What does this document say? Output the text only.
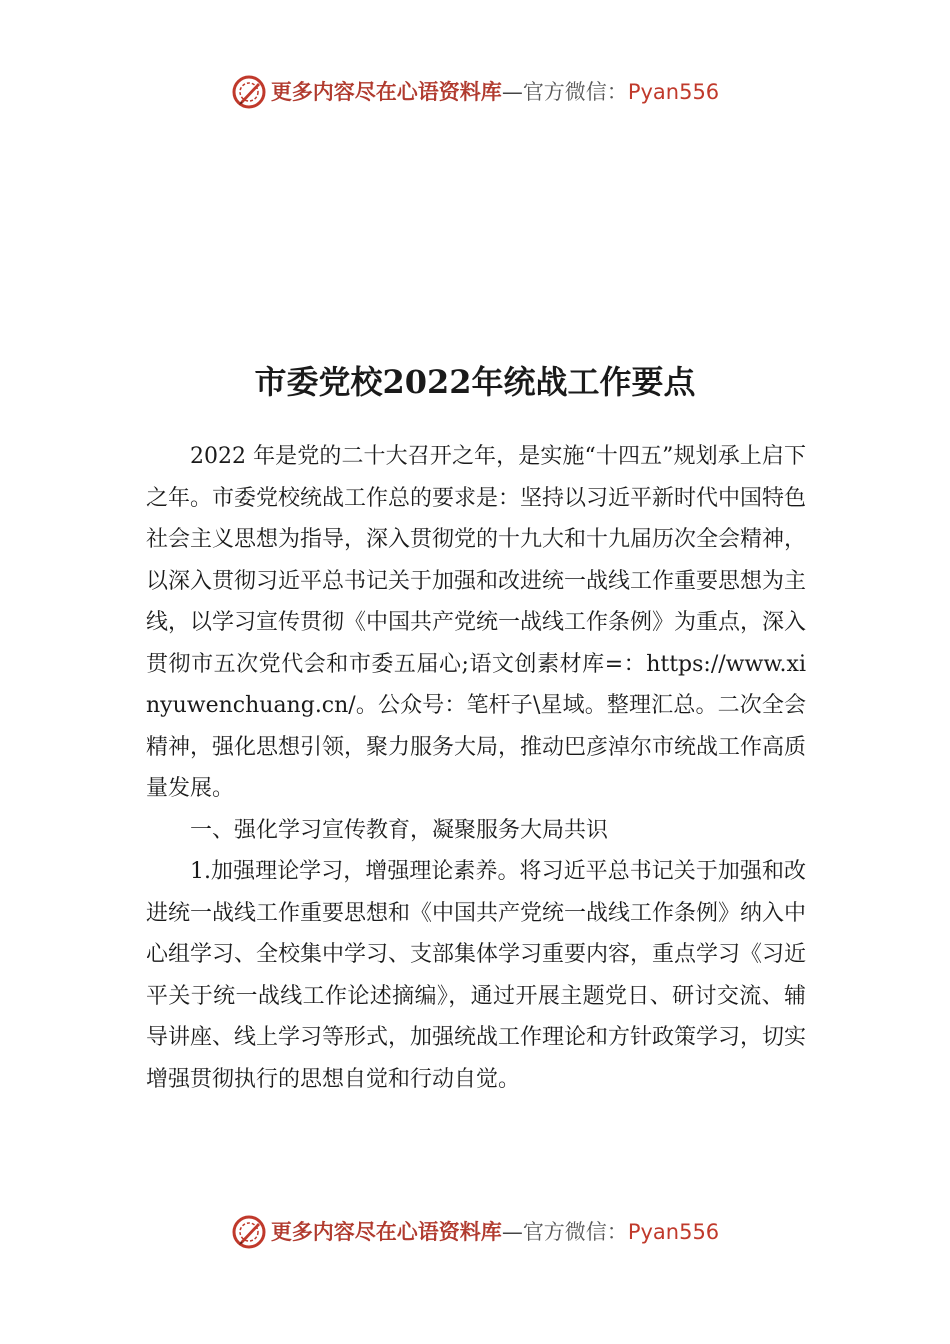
更多内容尽在心语资料库—官方微信：Pyan556
市委党校2022年统战工作要点

2022 年是党的二十大召开之年，是实施“十四五”规划承上启下之年。市委党校统战工作总的要求是：坚持以习近平新时代中国特色社会主义思想为指导，深入贯彻党的十九大和十九届历次全会精神，以深入贯彻习近平总书记关于加强和改进统一战线工作重要思想为主线，以学习宣传贯彻《中国共产党统一战线工作条例》为重点，深入贯彻市五次党代会和市委五届心;语文创素材库=：https://www.xinyuwenchuang.cn/。公众号：笔杆子\星域。整理汇总。二次全会精神，强化思想引领，聚力服务大局，推动巴彦淖尔市统战工作高质量发展。

一、强化学习宣传教育，凝聚服务大局共识

1.加强理论学习，增强理论素养。将习近平总书记关于加强和改进统一战线工作重要思想和《中国共产党统一战线工作条例》纳入中心组学习、全校集中学习、支部集体学习重要内容，重点学习《习近平关于统一战线工作论述摘编》，通过开展主题党日、研讨交流、辅导讲座、线上学习等形式，加强统战工作理论和方针政策学习，切实增强贯彻执行的思想自觉和行动自觉。

更多内容尽在心语资料库—官方微信：Pyan556
